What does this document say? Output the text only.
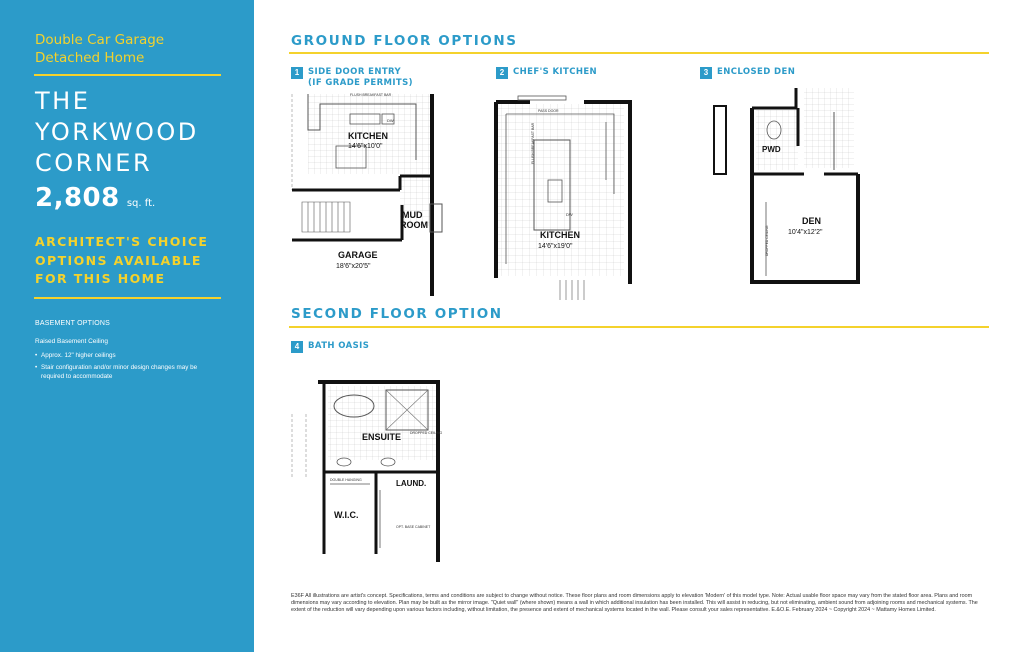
Double Car Garage
Detached Home
THE
YORKWOOD
CORNER
2,808 sq. ft.
ARCHITECT'S CHOICE
OPTIONS AVAILABLE
FOR THIS HOME
BASEMENT OPTIONS
Raised Basement Ceiling
• Approx. 12" higher ceilings
• Stair configuration and/or minor design changes may be required to accommodate
GROUND FLOOR OPTIONS
1	SIDE DOOR ENTRY
(IF GRADE PERMITS)
FLUSH BREAKFAST BAR
KITCHEN
14'6"x10'0"
DW
MUD
ROOM
GARAGE
18'6"x20'5"
2	CHEF'S KITCHEN
PASS DOOR
FLUSH BREAKFAST BAR
DW
KITCHEN
14'6"x19'0"
3	ENCLOSED DEN
PWD
DEN
10'4"x12'2"
DROPPED CEILING
SECOND FLOOR OPTION
4	BATH OASIS
ENSUITE	DROPPED CEILING
LAUND.
DOUBLE HANGING
W.I.C.
OPT. BASE CABINET
E36F All illustrations are artist's concept. Specifications, terms and conditions are subject to change without notice. These floor plans and room dimensions apply to elevation 'Modern' of this model type. Note: Actual usable floor space may vary from the stated floor area. Plans and room dimensions may vary according to elevation. Plan may be built as the mirror image. "Quiet wall" (where shown) means a wall in which additional insulation has been installed. This will assist in reducing, but not eliminating, ambient sound from adjoining rooms and mechanical systems. The extent of the reduction will vary depending upon various factors including, without limitation, the presence and extent of mechanical systems located in the wall. Please consult your sales representative. E.&O.E. February 2024 ~ Copyright 2024 ~ Mattamy Homes Limited.
